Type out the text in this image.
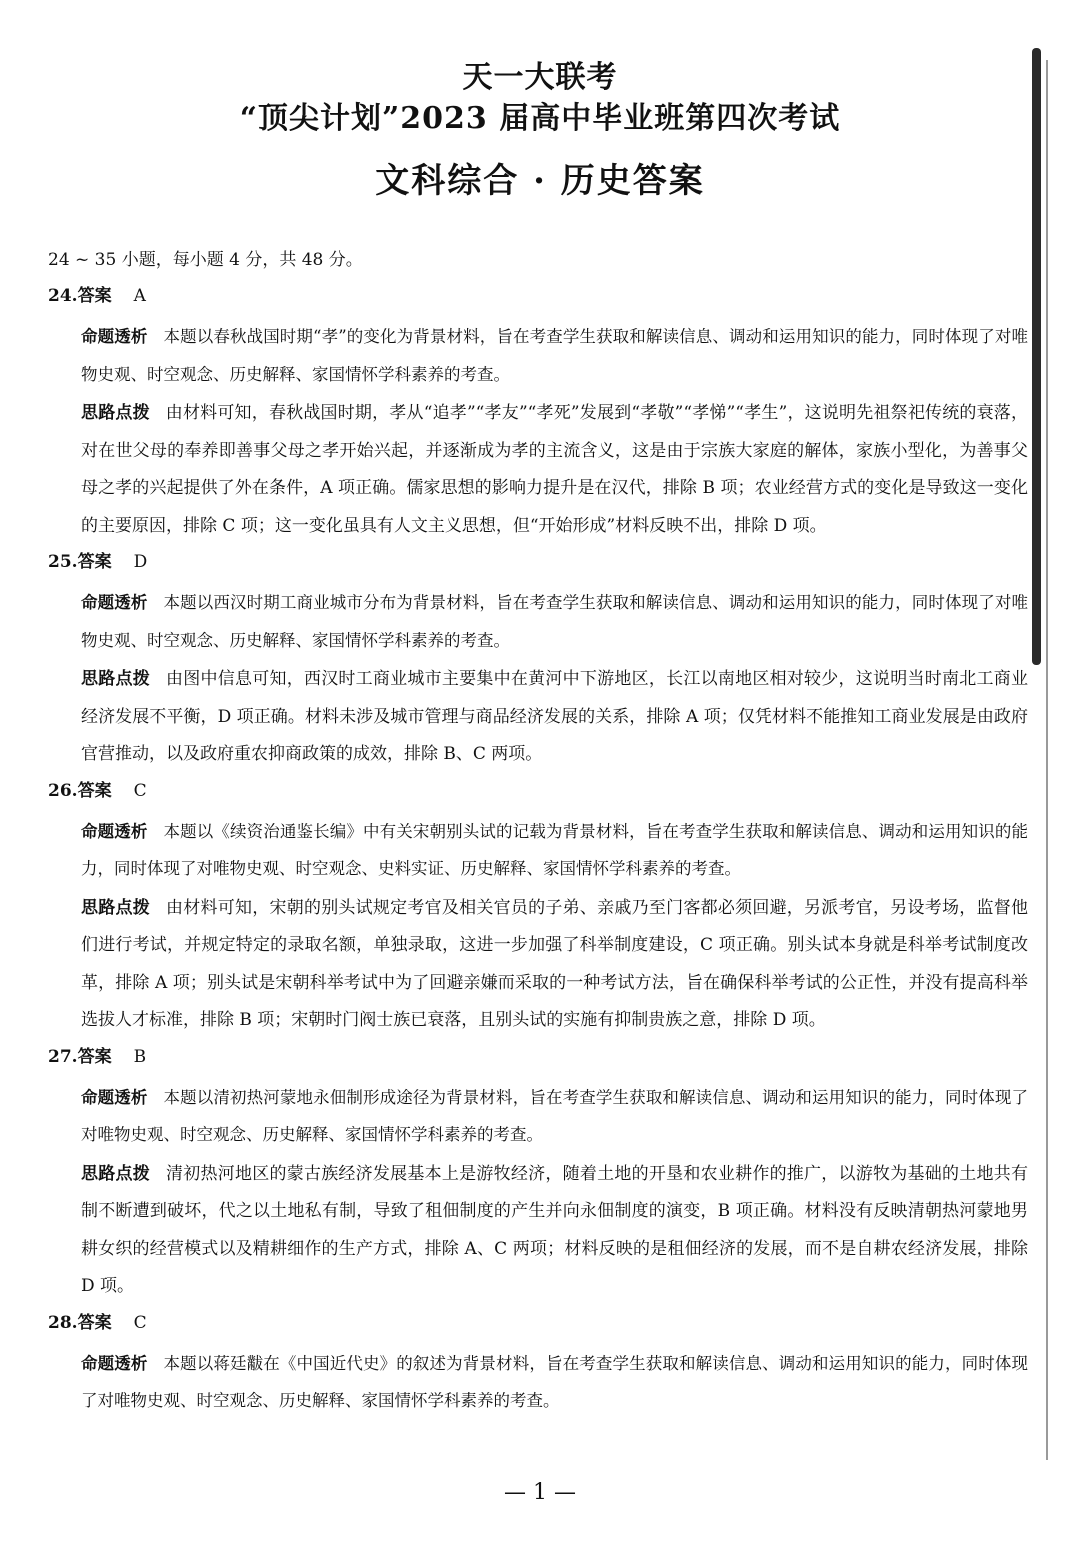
天一大联考
“顶尖计划”2023 届高中毕业班第四次考试
文科综合 · 历史答案
24 ~ 35 小题，每小题 4 分，共 48 分。
24.答案 A
命题透析 本题以春秋战国时期“孝”的变化为背景材料，旨在考查学生获取和解读信息、调动和运用知识的能力，同时体现了对唯物史观、时空观念、历史解释、家国情怀学科素养的考查。
思路点拨 由材料可知，春秋战国时期，孝从“追孝”“孝友”“孝死”发展到“孝敬”“孝悌”“孝生”，这说明先祖祭祀传统的衰落，对在世父母的奉养即善事父母之孝开始兴起，并逐渐成为孝的主流含义，这是由于宗族大家庭的解体，家族小型化，为善事父母之孝的兴起提供了外在条件，A 项正确。儒家思想的影响力提升是在汉代，排除 B 项；农业经营方式的变化是导致这一变化的主要原因，排除 C 项；这一变化虽具有人文主义思想，但“开始形成”材料反映不出，排除 D 项。
25.答案 D
命题透析 本题以西汉时期工商业城市分布为背景材料，旨在考查学生获取和解读信息、调动和运用知识的能力，同时体现了对唯物史观、时空观念、历史解释、家国情怀学科素养的考查。
思路点拨 由图中信息可知，西汉时工商业城市主要集中在黄河中下游地区，长江以南地区相对较少，这说明当时南北工商业经济发展不平衡，D 项正确。材料未涉及城市管理与商品经济发展的关系，排除 A 项；仅凭材料不能推知工商业发展是由政府官营推动，以及政府重农抑商政策的成效，排除 B、C 两项。
26.答案 C
命题透析 本题以《续资治通鉴长编》中有关宋朝别头试的记载为背景材料，旨在考查学生获取和解读信息、调动和运用知识的能力，同时体现了对唯物史观、时空观念、史料实证、历史解释、家国情怀学科素养的考查。
思路点拨 由材料可知，宋朝的别头试规定考官及相关官员的子弟、亲戚乃至门客都必须回避，另派考官，另设考场，监督他们进行考试，并规定特定的录取名额，单独录取，这进一步加强了科举制度建设，C 项正确。别头试本身就是科举考试制度改革，排除 A 项；别头试是宋朝科举考试中为了回避亲嫌而采取的一种考试方法，旨在确保科举考试的公正性，并没有提高科举选拔人才标准，排除 B 项；宋朝时门阀士族已衰落，且别头试的实施有抑制贵族之意，排除 D 项。
27.答案 B
命题透析 本题以清初热河蒙地永佃制形成途径为背景材料，旨在考查学生获取和解读信息、调动和运用知识的能力，同时体现了对唯物史观、时空观念、历史解释、家国情怀学科素养的考查。
思路点拨 清初热河地区的蒙古族经济发展基本上是游牧经济，随着土地的开垦和农业耕作的推广，以游牧为基础的土地共有制不断遭到破坏，代之以土地私有制，导致了租佃制度的产生并向永佃制度的演变，B 项正确。材料没有反映清朝热河蒙地男耕女织的经营模式以及精耕细作的生产方式，排除 A、C 两项；材料反映的是租佃经济的发展，而不是自耕农经济发展，排除 D 项。
28.答案 C
命题透析 本题以蒋廷黻在《中国近代史》的叙述为背景材料，旨在考查学生获取和解读信息、调动和运用知识的能力，同时体现了对唯物史观、时空观念、历史解释、家国情怀学科素养的考查。
— 1 —
